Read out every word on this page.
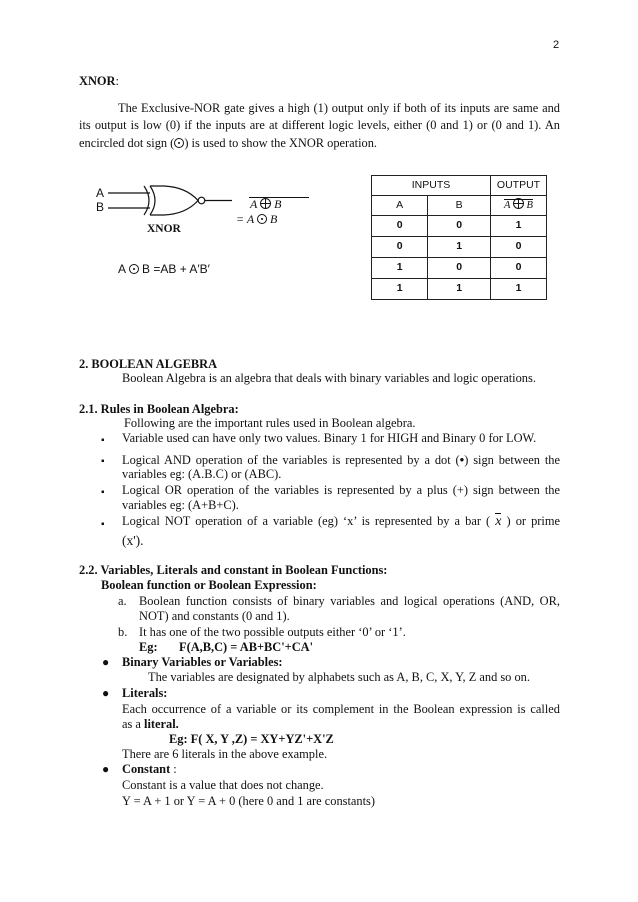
2
XNOR:
The Exclusive-NOR gate gives a high (1) output only if both of its inputs are same and
its output is low (0) if the inputs are at different logic levels, either (0 and 1) or (0 and 1). An
encircled dot sign ( ) is used to show the XNOR operation.
A
B
XNOR
A B
= A B
A B =AB + A′B′
INPUTS		OUTPUT
A	B	A B
0	0	1
0	1	0
1	0	0
1	1	1
2. BOOLEAN ALGEBRA
Boolean Algebra is an algebra that deals with binary variables and logic operations.
2.1. Rules in Boolean Algebra:
Following are the important rules used in Boolean algebra.
▪ Variable used can have only two values. Binary 1 for HIGH and Binary 0 for LOW.
▪ Logical AND operation of the variables is represented by a dot (•) sign between the
variables eg: (A.B.C) or (ABC).
▪ Logical OR operation of the variables is represented by a plus (+) sign between the
variables eg: (A+B+C).
▪ Logical NOT operation of a variable (eg) ‘x’ is represented by a bar ( x ) or prime
(x').
2.2. Variables, Literals and constant in Boolean Functions:
Boolean function or Boolean Expression:
a. Boolean function consists of binary variables and logical operations (AND, OR,
NOT) and constants (0 and 1).
b. It has one of the two possible outputs either ‘0’ or ‘1’.
Eg: F(A,B,C) = AB+BC'+CA'
● Binary Variables or Variables:
The variables are designated by alphabets such as A, B, C, X, Y, Z and so on.
● Literals:
Each occurrence of a variable or its complement in the Boolean expression is called
as a literal.
Eg: F( X, Y ,Z) = XY+YZ'+X'Z
There are 6 literals in the above example.
● Constant :
Constant is a value that does not change.
Y = A + 1 or Y = A + 0 (here 0 and 1 are constants)
